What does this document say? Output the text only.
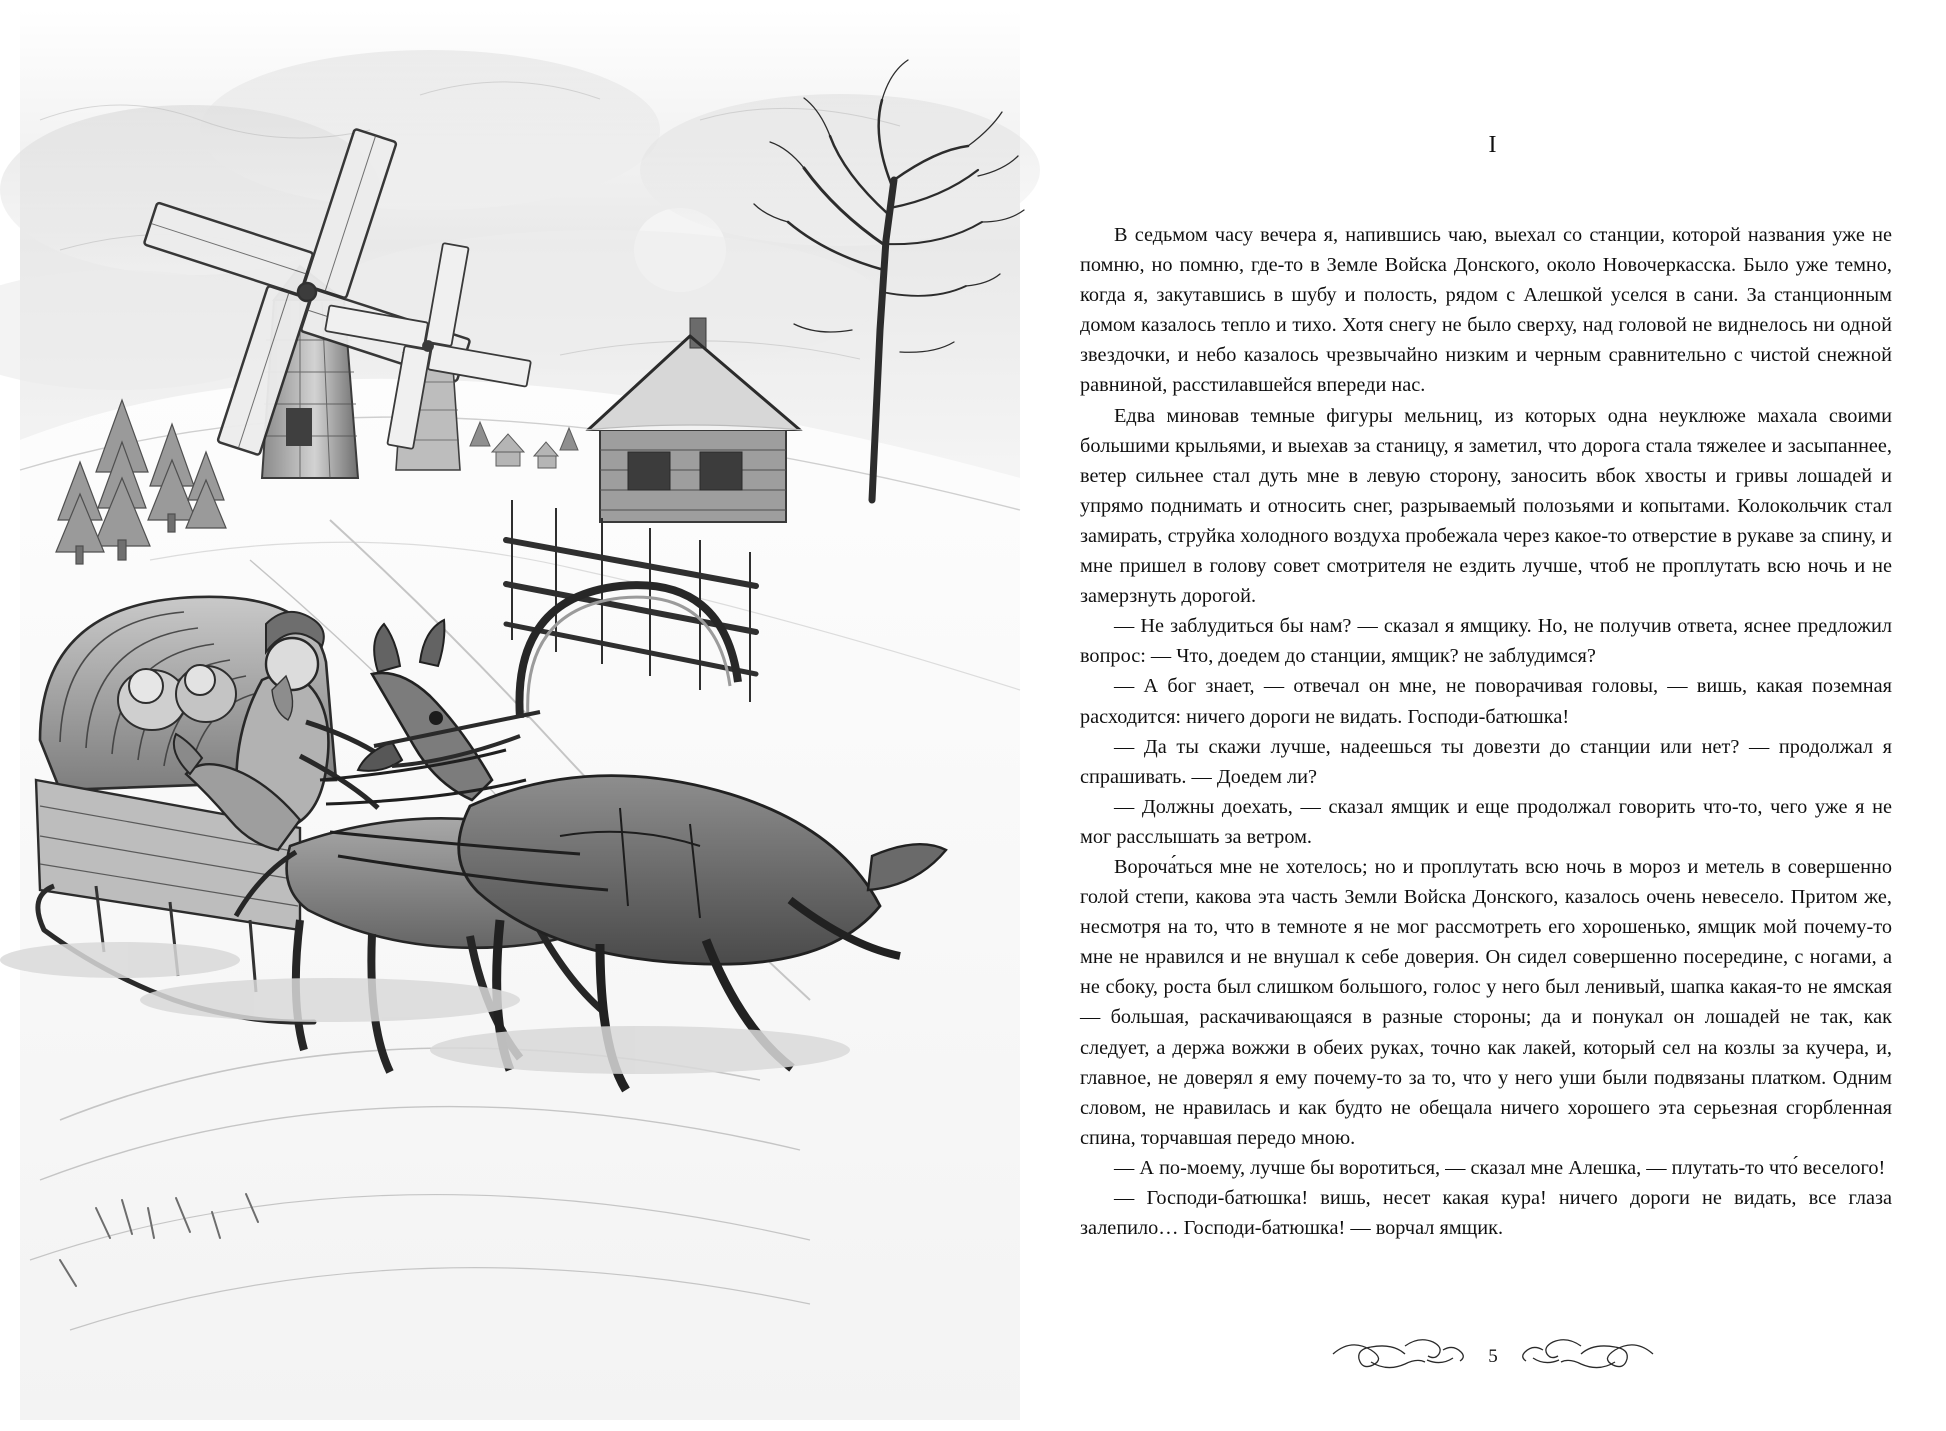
I

В седьмом часу вечера я, напившись чаю, выехал со станции, которой названия уже не помню, но помню, где-то в Земле Войска Донского, около Новочеркасска. Было уже темно, когда я, закутавшись в шубу и полость, рядом с Алешкой уселся в сани. За станционным домом казалось тепло и тихо. Хотя снегу не было сверху, над головой не виднелось ни одной звездочки, и небо казалось чрезвычайно низким и черным сравнительно с чистой снежной равниной, расстилавшейся впереди нас.

Едва миновав темные фигуры мельниц, из которых одна неуклюже махала своими большими крыльями, и выехав за станицу, я заметил, что дорога стала тяжелее и засыпаннее, ветер сильнее стал дуть мне в левую сторону, заносить вбок хвосты и гривы лошадей и упрямо поднимать и относить снег, разрываемый полозьями и копытами. Колокольчик стал замирать, струйка холодного воздуха пробежала через какое-то отверстие в рукаве за спину, и мне пришел в голову совет смотрителя не ездить лучше, чтоб не проплутать всю ночь и не замерзнуть дорогой.

— Не заблудиться бы нам? — сказал я ямщику. Но, не получив ответа, яснее предложил вопрос: — Что, доедем до станции, ямщик? не заблудимся?

— А бог знает, — отвечал он мне, не поворачивая головы, — вишь, какая поземная расходится: ничего дороги не видать. Господи-батюшка!

— Да ты скажи лучше, надеешься ты довезти до станции или нет? — продолжал я спрашивать. — Доедем ли?

— Должны доехать, — сказал ямщик и еще продолжал говорить что-то, чего уже я не мог расслышать за ветром.

Вороча́ться мне не хотелось; но и проплутать всю ночь в мороз и метель в совершенно голой степи, какова эта часть Земли Войска Донского, казалось очень невесело. Притом же, несмотря на то, что в темноте я не мог рассмотреть его хорошенько, ямщик мой почему-то мне не нравился и не внушал к себе доверия. Он сидел совершенно посередине, с ногами, а не сбоку, роста был слишком большого, голос у него был ленивый, шапка какая-то не ямская — большая, раскачивающаяся в разные стороны; да и понукал он лошадей не так, как следует, а держа вожжи в обеих руках, точно как лакей, который сел на козлы за кучера, и, главное, не доверял я ему почему-то за то, что у него уши были подвязаны платком. Одним словом, не нравилась и как будто не обещала ничего хорошего эта серьезная сгорбленная спина, торчавшая передо мною.

— А по-моему, лучше бы воротиться, — сказал мне Алешка, — плутать-то что́ веселого!

— Господи-батюшка! вишь, несет какая кура! ничего дороги не видать, все глаза залепило… Господи-батюшка! — ворчал ямщик.

5
